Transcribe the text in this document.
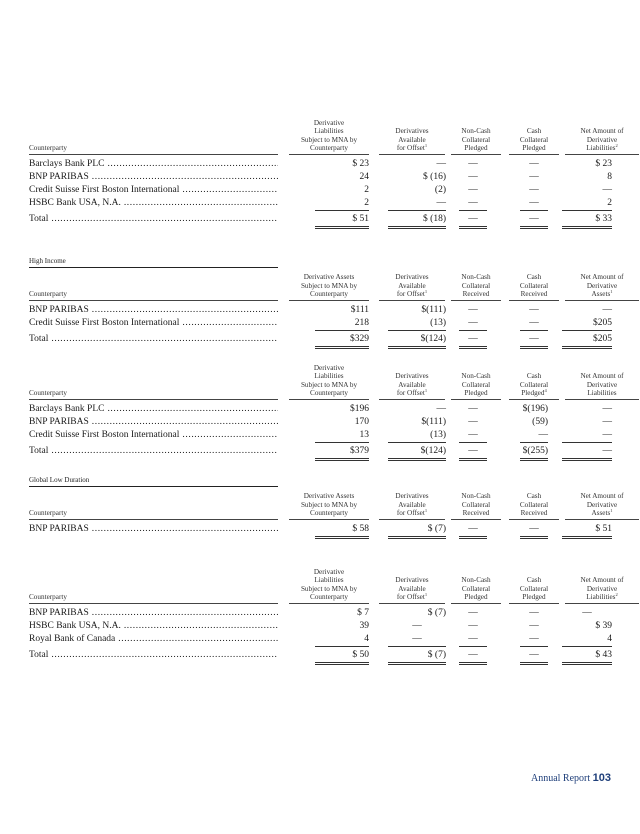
Counterparty
Derivative
Liabilities
Subject to MNA by
Counterparty
Derivatives
Available
for Offset$^1$
Non-Cash
Collateral
Pledged
Cash
Collateral
Pledged
Net Amount of
Derivative
Liabilities$^2$
Barclays Bank PLC .....	$ 23	—	—	—	$ 23
BNP PARIBAS .....	24	$ (16)	—	—	8
Credit Suisse First Boston International .....	2	(2)	—	—	—
HSBC Bank USA, N.A. .....	2	—	—	—	2
Total .....	$ 51	$ (18)	—	—	$ 33
High Income
Counterparty
Derivative Assets
Subject to MNA by
Counterparty
Derivatives
Available
for Offset$^1$
Non-Cash
Collateral
Received
Cash
Collateral
Received
Net Amount of
Derivative
Assets$^1$
BNP PARIBAS .....	$111	$(111)	—	—	—
Credit Suisse First Boston International .....	218	(13)	—	—	$205
Total .....	$329	$(124)	—	—	$205
Counterparty
Derivative
Liabilities
Subject to MNA by
Counterparty
Derivatives
Available
for Offset$^1$
Non-Cash
Collateral
Pledged
Cash
Collateral
Pledged$^4$
Net Amount of
Derivative
Liabilities
Barclays Bank PLC .....	$196	—	—	$(196)	—
BNP PARIBAS .....	170	$(111)	—	(59)	—
Credit Suisse First Boston International .....	13	(13)	—	—	—
Total .....	$379	$(124)	—	$(255)	—
Global Low Duration
Counterparty
Derivative Assets
Subject to MNA by
Counterparty
Derivatives
Available
for Offset$^1$
Non-Cash
Collateral
Received
Cash
Collateral
Received
Net Amount of
Derivative
Assets$^1$
BNP PARIBAS .....	$ 58	$ (7)	—	—	$ 51
Counterparty
Derivative
Liabilities
Subject to MNA by
Counterparty
Derivatives
Available
for Offset$^1$
Non-Cash
Collateral
Pledged
Cash
Collateral
Pledged
Net Amount of
Derivative
Liabilities$^2$
BNP PARIBAS .....	$ 7	$ (7)	—	—	—
HSBC Bank USA, N.A. .....	39	—	—	—	$ 39
Royal Bank of Canada .....	4	—	—	—	4
Total .....	$ 50	$ (7)	—	—	$ 43
Annual Report 103
